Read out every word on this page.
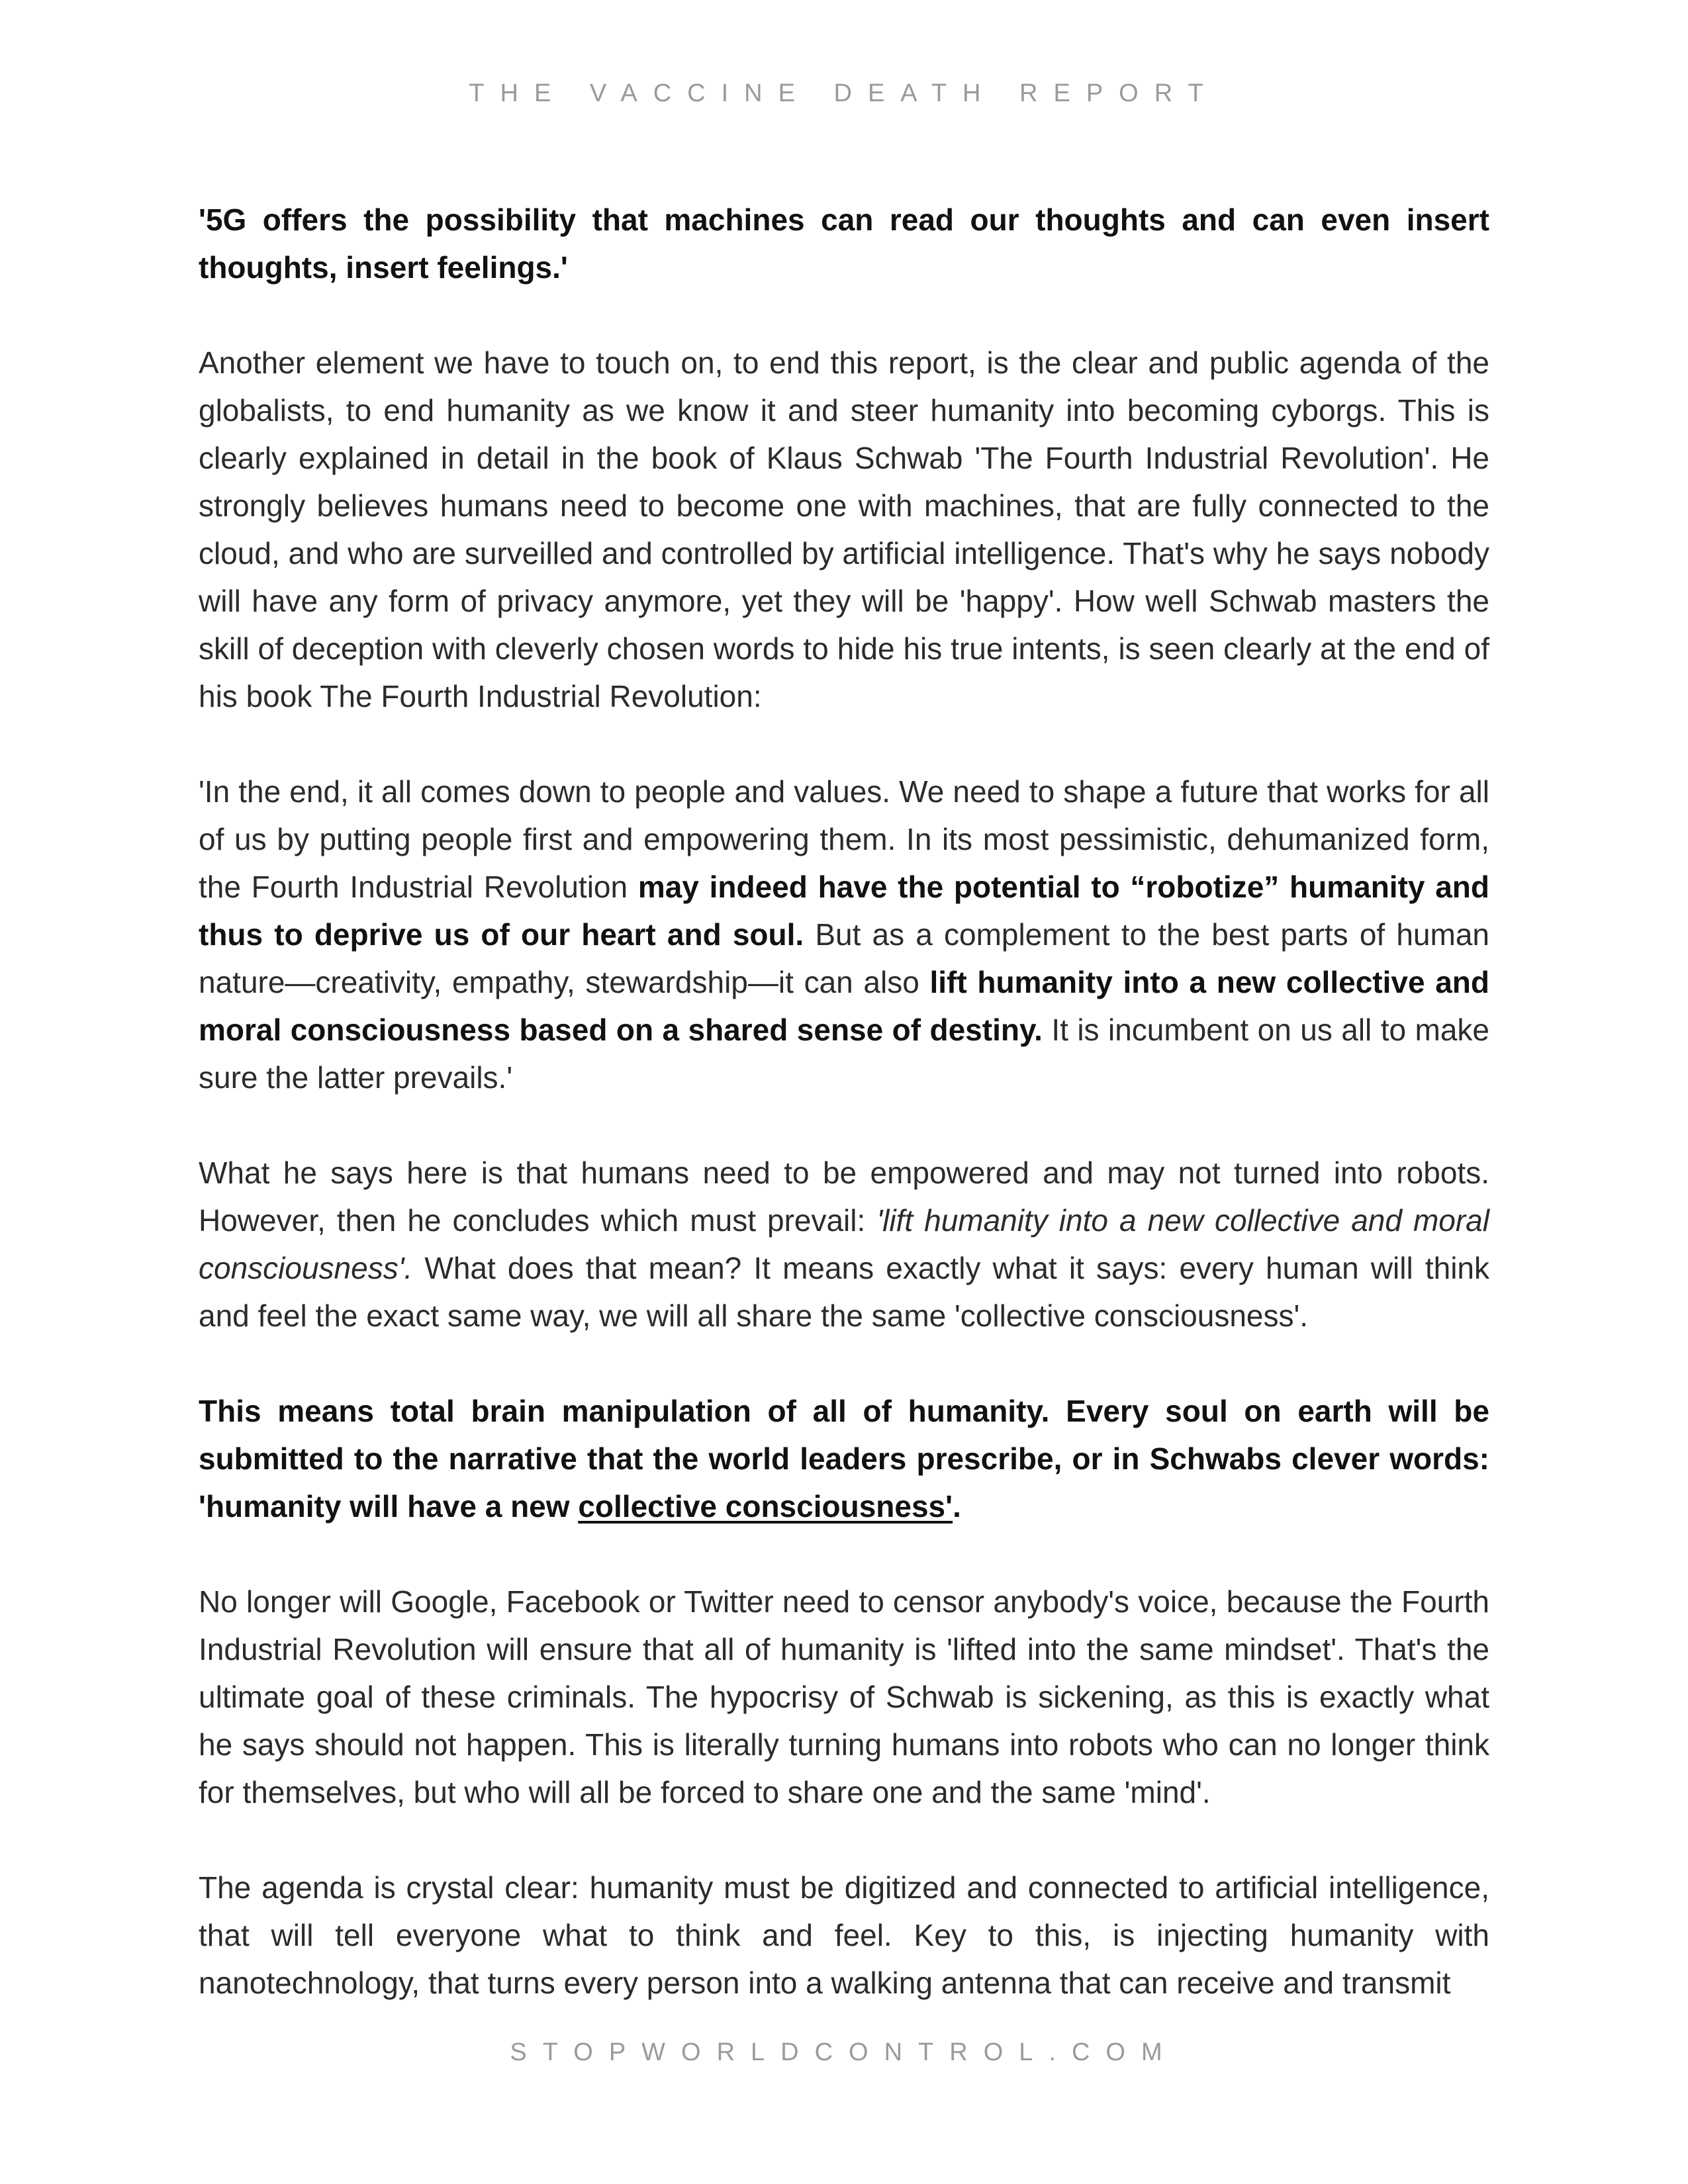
THE VACCINE DEATH REPORT

'5G offers the possibility that machines can read our thoughts and can even insert thoughts, insert feelings.'

Another element we have to touch on, to end this report, is the clear and public agenda of the globalists, to end humanity as we know it and steer humanity into becoming cyborgs. This is clearly explained in detail in the book of Klaus Schwab 'The Fourth Industrial Revolution'. He strongly believes humans need to become one with machines, that are fully connected to the cloud, and who are surveilled and controlled by artificial intelligence. That's why he says nobody will have any form of privacy anymore, yet they will be 'happy'. How well Schwab masters the skill of deception with cleverly chosen words to hide his true intents, is seen clearly at the end of his book The Fourth Industrial Revolution:

'In the end, it all comes down to people and values. We need to shape a future that works for all of us by putting people first and empowering them. In its most pessimistic, dehumanized form, the Fourth Industrial Revolution may indeed have the potential to “robotize” humanity and thus to deprive us of our heart and soul. But as a complement to the best parts of human nature—creativity, empathy, stewardship—it can also lift humanity into a new collective and moral consciousness based on a shared sense of destiny. It is incumbent on us all to make sure the latter prevails.'

What he says here is that humans need to be empowered and may not turned into robots. However, then he concludes which must prevail: 'lift humanity into a new collective and moral consciousness'. What does that mean? It means exactly what it says: every human will think and feel the exact same way, we will all share the same 'collective consciousness'.

This means total brain manipulation of all of humanity. Every soul on earth will be submitted to the narrative that the world leaders prescribe, or in Schwabs clever words: 'humanity will have a new collective consciousness'.

No longer will Google, Facebook or Twitter need to censor anybody's voice, because the Fourth Industrial Revolution will ensure that all of humanity is 'lifted into the same mindset'. That's the ultimate goal of these criminals. The hypocrisy of Schwab is sickening, as this is exactly what he says should not happen. This is literally turning humans into robots who can no longer think for themselves, but who will all be forced to share one and the same 'mind'.

The agenda is crystal clear: humanity must be digitized and connected to artificial intelligence, that will tell everyone what to think and feel. Key to this, is injecting humanity with nanotechnology, that turns every person into a walking antenna that can receive and transmit

STOPWORLDCONTROL.COM
